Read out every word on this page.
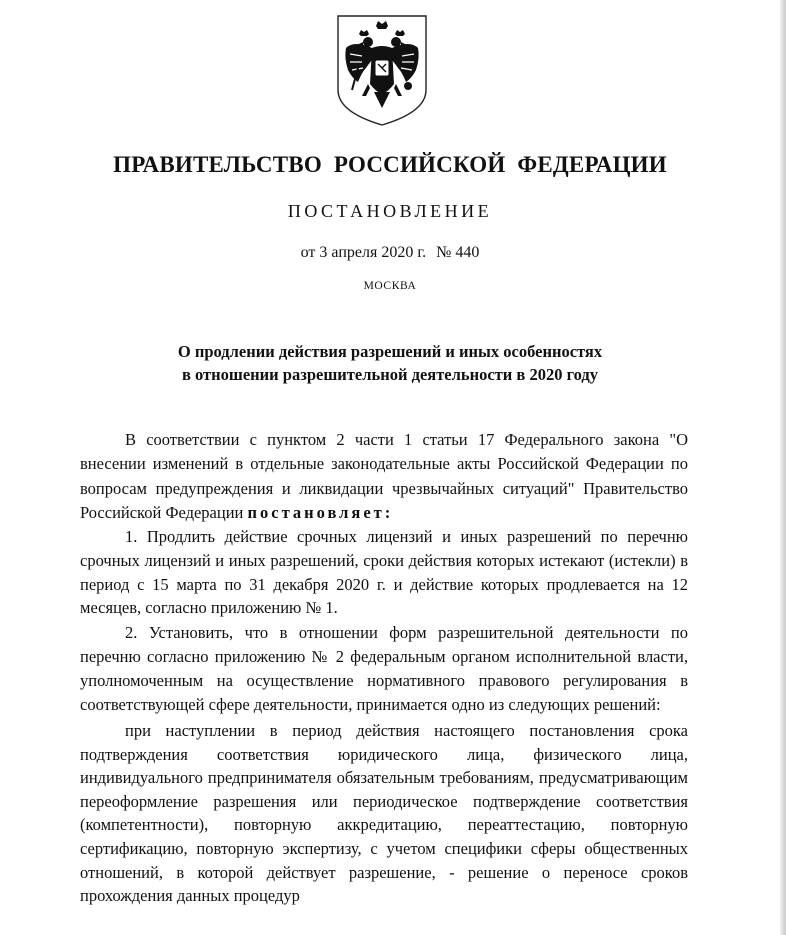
ПРАВИТЕЛЬСТВО РОССИЙСКОЙ ФЕДЕРАЦИИ
ПОСТАНОВЛЕНИЕ
от 3 апреля 2020 г. № 440
МОСКВА
О продлении действия разрешений и иных особенностях
в отношении разрешительной деятельности в 2020 году

В соответствии с пунктом 2 части 1 статьи 17 Федерального закона "О внесении изменений в отдельные законодательные акты Российской Федерации по вопросам предупреждения и ликвидации чрезвычайных ситуаций" Правительство Российской Федерации постановляет:

1. Продлить действие срочных лицензий и иных разрешений по перечню срочных лицензий и иных разрешений, сроки действия которых истекают (истекли) в период с 15 марта по 31 декабря 2020 г. и действие которых продлевается на 12 месяцев, согласно приложению № 1.

2. Установить, что в отношении форм разрешительной деятельности по перечню согласно приложению № 2 федеральным органом исполнительной власти, уполномоченным на осуществление нормативного правового регулирования в соответствующей сфере деятельности, принимается одно из следующих решений:

при наступлении в период действия настоящего постановления срока подтверждения соответствия юридического лица, физического лица, индивидуального предпринимателя обязательным требованиям, предусматривающим переоформление разрешения или периодическое подтверждение соответствия (компетентности), повторную аккредитацию, переаттестацию, повторную сертификацию, повторную экспертизу, с учетом специфики сферы общественных отношений, в которой действует разрешение, - решение о переносе сроков прохождения данных процедур
